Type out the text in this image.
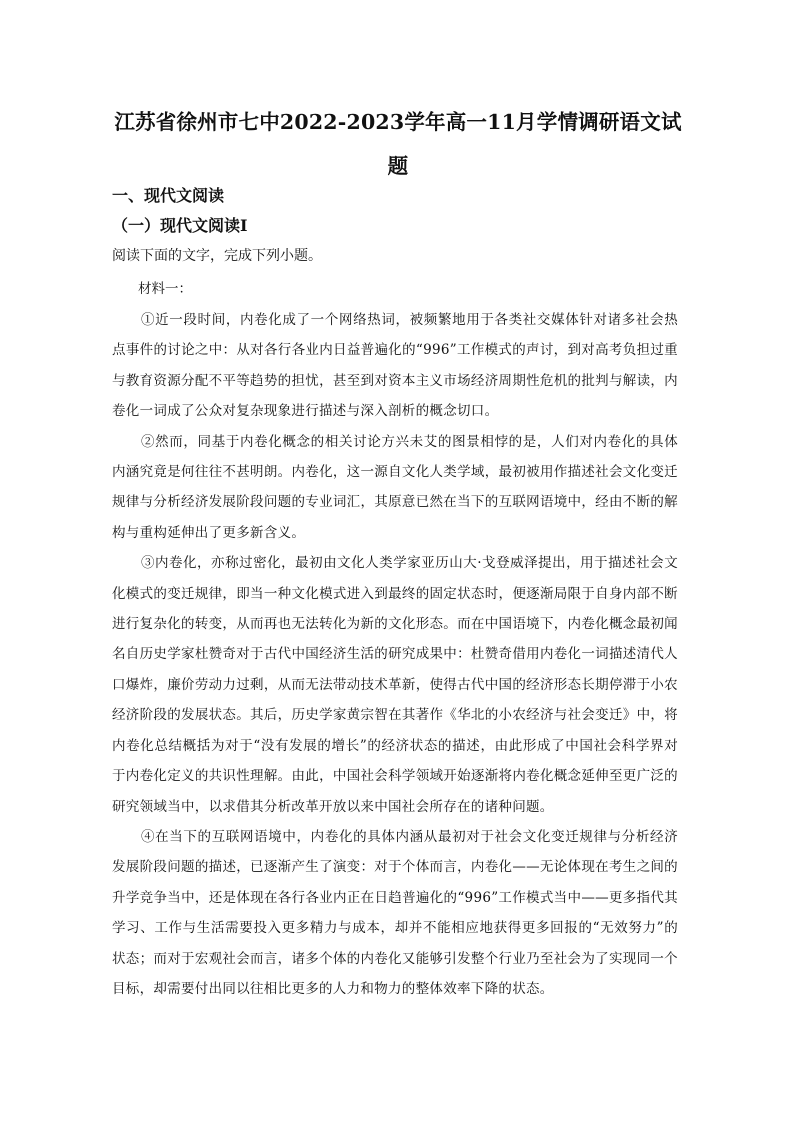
江苏省徐州市七中2022-2023学年高一11月学情调研语文试题
一、现代文阅读
（一）现代文阅读I
阅读下面的文字，完成下列小题。
材料一：

①近一段时间，内卷化成了一个网络热词，被频繁地用于各类社交媒体针对诸多社会热点事件的讨论之中：从对各行各业内日益普遍化的“996”工作模式的声讨，到对高考负担过重与教育资源分配不平等趋势的担忧，甚至到对资本主义市场经济周期性危机的批判与解读，内卷化一词成了公众对复杂现象进行描述与深入剖析的概念切口。

②然而，同基于内卷化概念的相关讨论方兴未艾的图景相悖的是，人们对内卷化的具体内涵究竟是何往往不甚明朗。内卷化，这一源自文化人类学域，最初被用作描述社会文化变迁规律与分析经济发展阶段问题的专业词汇，其原意已然在当下的互联网语境中，经由不断的解构与重构延伸出了更多新含义。

③内卷化，亦称过密化，最初由文化人类学家亚历山大·戈登威泽提出，用于描述社会文化模式的变迁规律，即当一种文化模式进入到最终的固定状态时，便逐渐局限于自身内部不断进行复杂化的转变，从而再也无法转化为新的文化形态。而在中国语境下，内卷化概念最初闻名自历史学家杜赞奇对于古代中国经济生活的研究成果中：杜赞奇借用内卷化一词描述清代人口爆炸，廉价劳动力过剩，从而无法带动技术革新，使得古代中国的经济形态长期停滞于小农经济阶段的发展状态。其后，历史学家黄宗智在其著作《华北的小农经济与社会变迁》中，将内卷化总结概括为对于“没有发展的增长”的经济状态的描述，由此形成了中国社会科学界对于内卷化定义的共识性理解。由此，中国社会科学领域开始逐渐将内卷化概念延伸至更广泛的研究领域当中，以求借其分析改革开放以来中国社会所存在的诸种问题。

④在当下的互联网语境中，内卷化的具体内涵从最初对于社会文化变迁规律与分析经济发展阶段问题的描述，已逐渐产生了演变：对于个体而言，内卷化——无论体现在考生之间的升学竞争当中，还是体现在各行各业内正在日趋普遍化的“996”工作模式当中——更多指代其学习、工作与生活需要投入更多精力与成本，却并不能相应地获得更多回报的“无效努力”的状态；而对于宏观社会而言，诸多个体的内卷化又能够引发整个行业乃至社会为了实现同一个目标，却需要付出同以往相比更多的人力和物力的整体效率下降的状态。
